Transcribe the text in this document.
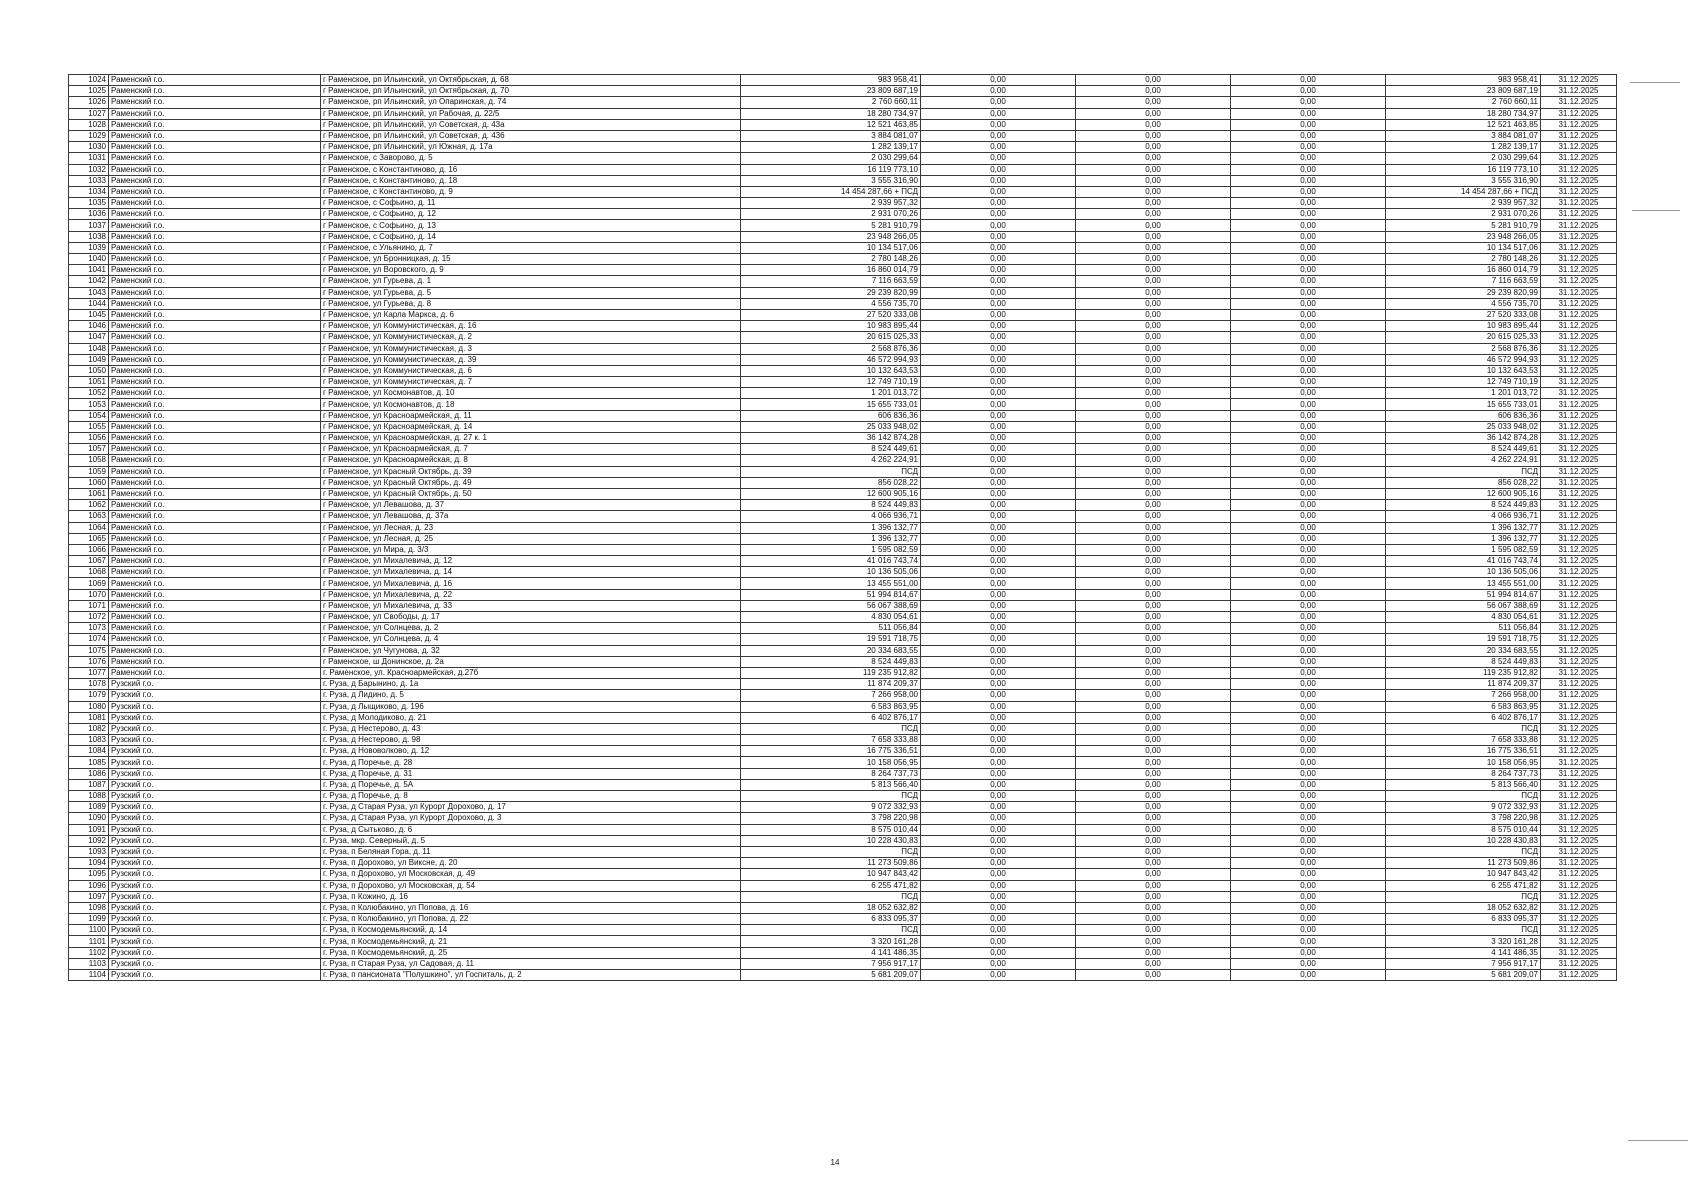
1024	Раменский г.о.	г Раменское, рп Ильинский, ул Октябрьская, д. 68	983 958,41	0,00	0,00	0,00	983 958,41	31.12.2025
1025	Раменский г.о.	г Раменское, рп Ильинский, ул Октябрьская, д. 70	23 809 687,19	0,00	0,00	0,00	23 809 687,19	31.12.2025
1026	Раменский г.о.	г Раменское, рп Ильинский, ул Опаринская, д. 74	2 760 660,11	0,00	0,00	0,00	2 760 660,11	31.12.2025
1027	Раменский г.о.	г Раменское, рп Ильинский, ул Рабочая, д. 22/5	18 280 734,97	0,00	0,00	0,00	18 280 734,97	31.12.2025
1028	Раменский г.о.	г Раменское, рп Ильинский, ул Советская, д. 43а	12 521 463,85	0,00	0,00	0,00	12 521 463,85	31.12.2025
1029	Раменский г.о.	г Раменское, рп Ильинский, ул Советская, д. 436	3 884 081,07	0,00	0,00	0,00	3 884 081,07	31.12.2025
1030	Раменский г.о.	г Раменское, рп Ильинский, ул Южная, д. 17а	1 282 139,17	0,00	0,00	0,00	1 282 139,17	31.12.2025
1031	Раменский г.о.	г Раменское, с Заворово, д. 5	2 030 299,64	0,00	0,00	0,00	2 030 299,64	31.12.2025
1032	Раменский г.о.	г Раменское, с Константиново, д. 16	16 119 773,10	0,00	0,00	0,00	16 119 773,10	31.12.2025
1033	Раменский г.о.	г Раменское, с Константиново, д. 18	3 555 316,90	0,00	0,00	0,00	3 555 316,90	31.12.2025
1034	Раменский г.о.	г Раменское, с Константиново, д. 9	14 454 287,66 + ПСД	0,00	0,00	0,00	14 454 287,66 + ПСД	31.12.2025
1035	Раменский г.о.	г Раменское, с Софьино, д. 11	2 939 957,32	0,00	0,00	0,00	2 939 957,32	31.12.2025
1036	Раменский г.о.	г Раменское, с Софьино, д. 12	2 931 070,26	0,00	0,00	0,00	2 931 070,26	31.12.2025
1037	Раменский г.о.	г Раменское, с Софьино, д. 13	5 281 910,79	0,00	0,00	0,00	5 281 910,79	31.12.2025
1038	Раменский г.о.	г Раменское, с Софьино, д. 14	23 948 266,05	0,00	0,00	0,00	23 948 266,05	31.12.2025
1039	Раменский г.о.	г Раменское, с Ульянино, д. 7	10 134 517,06	0,00	0,00	0,00	10 134 517,06	31.12.2025
1040	Раменский г.о.	г Раменское, ул Бронницкая, д. 15	2 780 148,26	0,00	0,00	0,00	2 780 148,26	31.12.2025
1041	Раменский г.о.	г Раменское, ул Воровского, д. 9	16 860 014,79	0,00	0,00	0,00	16 860 014,79	31.12.2025
1042	Раменский г.о.	г Раменское, ул Гурьева, д. 1	7 116 663,59	0,00	0,00	0,00	7 116 663,59	31.12.2025
1043	Раменский г.о.	г Раменское, ул Гурьева, д. 5	29 239 820,99	0,00	0,00	0,00	29 239 820,99	31.12.2025
1044	Раменский г.о.	г Раменское, ул Гурьева, д. 8	4 556 735,70	0,00	0,00	0,00	4 556 735,70	31.12.2025
1045	Раменский г.о.	г Раменское, ул Карла Маркса, д. 6	27 520 333,08	0,00	0,00	0,00	27 520 333,08	31.12.2025
1046	Раменский г.о.	г Раменское, ул Коммунистическая, д. 16	10 983 895,44	0,00	0,00	0,00	10 983 895,44	31.12.2025
1047	Раменский г.о.	г Раменское, ул Коммунистическая, д. 2	20 615 025,33	0,00	0,00	0,00	20 615 025,33	31.12.2025
1048	Раменский г.о.	г Раменское, ул Коммунистическая, д. 3	2 568 876,36	0,00	0,00	0,00	2 568 876,36	31.12.2025
1049	Раменский г.о.	г Раменское, ул Коммунистическая, д. 39	46 572 994,93	0,00	0,00	0,00	46 572 994,93	31.12.2025
1050	Раменский г.о.	г Раменское, ул Коммунистическая, д. 6	10 132 643,53	0,00	0,00	0,00	10 132 643,53	31.12.2025
1051	Раменский г.о.	г Раменское, ул Коммунистическая, д. 7	12 749 710,19	0,00	0,00	0,00	12 749 710,19	31.12.2025
1052	Раменский г.о.	г Раменское, ул Космонавтов, д. 10	1 201 013,72	0,00	0,00	0,00	1 201 013,72	31.12.2025
1053	Раменский г.о.	г Раменское, ул Космонавтов, д. 18	15 655 733,01	0,00	0,00	0,00	15 655 733,01	31.12.2025
1054	Раменский г.о.	г Раменское, ул Красноармейская, д. 11	606 836,36	0,00	0,00	0,00	606 836,36	31.12.2025
1055	Раменский г.о.	г Раменское, ул Красноармейская, д. 14	25 033 948,02	0,00	0,00	0,00	25 033 948,02	31.12.2025
1056	Раменский г.о.	г Раменское, ул Красноармейская, д. 27 к. 1	36 142 874,28	0,00	0,00	0,00	36 142 874,28	31.12.2025
1057	Раменский г.о.	г Раменское, ул Красноармейская, д. 7	8 524 449,61	0,00	0,00	0,00	8 524 449,61	31.12.2025
1058	Раменский г.о.	г Раменское, ул Красноармейская, д. 8	4 262 224,91	0,00	0,00	0,00	4 262 224,91	31.12.2025
1059	Раменский г.о.	г Раменское, ул Красный Октябрь, д. 39	ПСД	0,00	0,00	0,00	ПСД	31.12.2025
1060	Раменский г.о.	г Раменское, ул Красный Октябрь, д. 49	856 028,22	0,00	0,00	0,00	856 028,22	31.12.2025
1061	Раменский г.о.	г Раменское, ул Красный Октябрь, д. 50	12 600 905,16	0,00	0,00	0,00	12 600 905,16	31.12.2025
1062	Раменский г.о.	г Раменское, ул Левашова, д. 37	8 524 449,83	0,00	0,00	0,00	8 524 449,83	31.12.2025
1063	Раменский г.о.	г Раменское, ул Левашова, д. 37а	4 066 936,71	0,00	0,00	0,00	4 066 936,71	31.12.2025
1064	Раменский г.о.	г Раменское, ул Лесная, д. 23	1 396 132,77	0,00	0,00	0,00	1 396 132,77	31.12.2025
1065	Раменский г.о.	г Раменское, ул Лесная, д. 25	1 396 132,77	0,00	0,00	0,00	1 396 132,77	31.12.2025
1066	Раменский г.о.	г Раменское, ул Мира, д. 3/3	1 595 082,59	0,00	0,00	0,00	1 595 082,59	31.12.2025
1067	Раменский г.о.	г Раменское, ул Михалевича, д. 12	41 016 743,74	0,00	0,00	0,00	41 016 743,74	31.12.2025
1068	Раменский г.о.	г Раменское, ул Михалевича, д. 14	10 136 505,06	0,00	0,00	0,00	10 136 505,06	31.12.2025
1069	Раменский г.о.	г Раменское, ул Михалевича, д. 16	13 455 551,00	0,00	0,00	0,00	13 455 551,00	31.12.2025
1070	Раменский г.о.	г Раменское, ул Михалевича, д. 22	51 994 814,67	0,00	0,00	0,00	51 994 814,67	31.12.2025
1071	Раменский г.о.	г Раменское, ул Михалевича, д. 33	56 067 388,69	0,00	0,00	0,00	56 067 388,69	31.12.2025
1072	Раменский г.о.	г Раменское, ул Свободы, д. 17	4 830 054,61	0,00	0,00	0,00	4 830 054,61	31.12.2025
1073	Раменский г.о.	г Раменское, ул Солнцева, д. 2	511 056,84	0,00	0,00	0,00	511 056,84	31.12.2025
1074	Раменский г.о.	г Раменское, ул Солнцева, д. 4	19 591 718,75	0,00	0,00	0,00	19 591 718,75	31.12.2025
1075	Раменский г.о.	г Раменское, ул Чугунова, д. 32	20 334 683,55	0,00	0,00	0,00	20 334 683,55	31.12.2025
1076	Раменский г.о.	г Раменское, ш Донинское, д. 2а	8 524 449,83	0,00	0,00	0,00	8 524 449,83	31.12.2025
1077	Раменский г.о.	г. Раменское, ул. Красноармейская, д.27б	119 235 912,82	0,00	0,00	0,00	119 235 912,82	31.12.2025
1078	Рузский г.о.	г. Руза, д Барынино, д. 1а	11 874 209,37	0,00	0,00	0,00	11 874 209,37	31.12.2025
1079	Рузский г.о.	г. Руза, д Лидино, д. 5	7 266 958,00	0,00	0,00	0,00	7 266 958,00	31.12.2025
1080	Рузский г.о.	г. Руза, д Лыщиково, д. 196	6 583 863,95	0,00	0,00	0,00	6 583 863,95	31.12.2025
1081	Рузский г.о.	г. Руза, д Молодиково, д. 21	6 402 876,17	0,00	0,00	0,00	6 402 876,17	31.12.2025
1082	Рузский г.о.	г. Руза, д Нестерово, д. 43	ПСД	0,00	0,00	0,00	ПСД	31.12.2025
1083	Рузский г.о.	г. Руза, д Нестерово, д. 98	7 658 333,88	0,00	0,00	0,00	7 658 333,88	31.12.2025
1084	Рузский г.о.	г. Руза, д Нововолково, д. 12	16 775 336,51	0,00	0,00	0,00	16 775 336,51	31.12.2025
1085	Рузский г.о.	г. Руза, д Поречье, д. 28	10 158 056,95	0,00	0,00	0,00	10 158 056,95	31.12.2025
1086	Рузский г.о.	г. Руза, д Поречье, д. 31	8 264 737,73	0,00	0,00	0,00	8 264 737,73	31.12.2025
1087	Рузский г.о.	г. Руза, д Поречье, д. 5А	5 813 566,40	0,00	0,00	0,00	5 813 566,40	31.12.2025
1088	Рузский г.о.	г. Руза, д Поречье, д. 8	ПСД	0,00	0,00	0,00	ПСД	31.12.2025
1089	Рузский г.о.	г. Руза, д Старая Руза, ул Курорт Дорохово, д. 17	9 072 332,93	0,00	0,00	0,00	9 072 332,93	31.12.2025
1090	Рузский г.о.	г. Руза, д Старая Руза, ул Курорт Дорохово, д. 3	3 798 220,98	0,00	0,00	0,00	3 798 220,98	31.12.2025
1091	Рузский г.о.	г. Руза, д Сытьково, д. 6	8 575 010,44	0,00	0,00	0,00	8 575 010,44	31.12.2025
1092	Рузский г.о.	г. Руза, мкр. Северный, д. 5	10 228 430,83	0,00	0,00	0,00	10 228 430,83	31.12.2025
1093	Рузский г.о.	г. Руза, п Беляная Гора, д. 11	ПСД	0,00	0,00	0,00	ПСД	31.12.2025
1094	Рузский г.о.	г. Руза, п Дорохово, ул Виксне, д. 20	11 273 509,86	0,00	0,00	0,00	11 273 509,86	31.12.2025
1095	Рузский г.о.	г. Руза, п Дорохово, ул Московская, д. 49	10 947 843,42	0,00	0,00	0,00	10 947 843,42	31.12.2025
1096	Рузский г.о.	г. Руза, п Дорохово, ул Московская, д. 54	6 255 471,82	0,00	0,00	0,00	6 255 471,82	31.12.2025
1097	Рузский г.о.	г. Руза, п Кожино, д. 16	ПСД	0,00	0,00	0,00	ПСД	31.12.2025
1098	Рузский г.о.	г. Руза, п Колюбакино, ул Попова, д. 16	18 052 632,82	0,00	0,00	0,00	18 052 632,82	31.12.2025
1099	Рузский г.о.	г. Руза, п Колюбакино, ул Попова, д. 22	6 833 095,37	0,00	0,00	0,00	6 833 095,37	31.12.2025
1100	Рузский г.о.	г. Руза, п Космодемьянский, д. 14	ПСД	0,00	0,00	0,00	ПСД	31.12.2025
1101	Рузский г.о.	г. Руза, п Космодемьянский, д. 21	3 320 161,28	0,00	0,00	0,00	3 320 161,28	31.12.2025
1102	Рузский г.о.	г. Руза, п Космодемьянский, д. 25	4 141 486,35	0,00	0,00	0,00	4 141 486,35	31.12.2025
1103	Рузский г.о.	г. Руза, п Старая Руза, ул Садовая, д. 11	7 956 917,17	0,00	0,00	0,00	7 956 917,17	31.12.2025
1104	Рузский г.о.	г. Руза, п пансионата "Полушкино", ул Госпиталь, д. 2	5 681 209,07	0,00	0,00	0,00	5 681 209,07	31.12.2025
14
